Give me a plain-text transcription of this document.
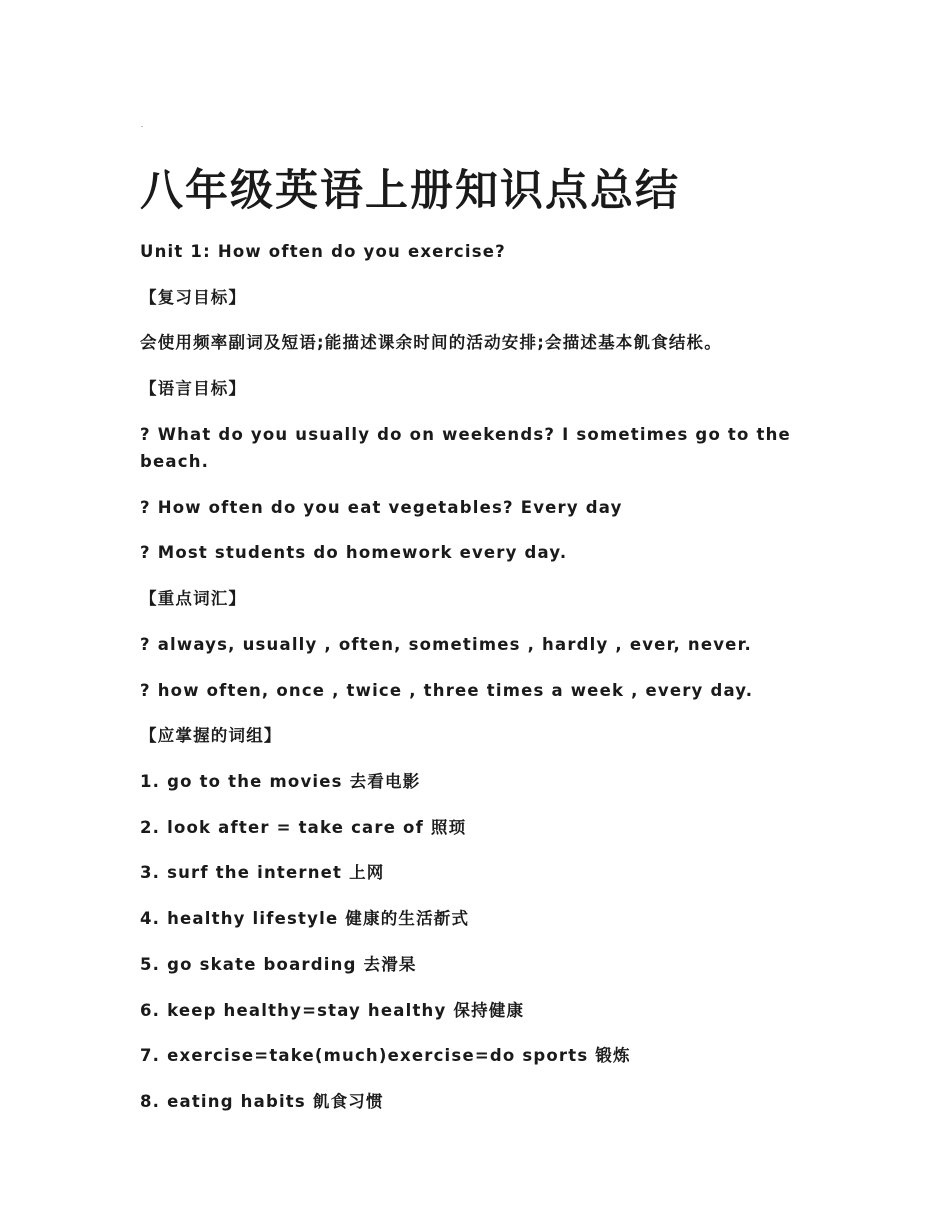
八年级英语上册知识点总结

Unit 1: How often do you exercise?

【复习目标】

会使用频率副词及短语;能描述课余时间的活动安排;会描述基本飢食结枨。

【语言目标】

? What do you usually do on weekends? I sometimes go to the beach.

? How often do you eat vegetables? Every day

? Most students do homework every day.

【重点词汇】

? always, usually , often, sometimes , hardly , ever, never.

? how often, once , twice , three times a week , every day.

【应掌握的词组】

1. go to the movies 去看电影

2. look after = take care of 照顼

3. surf the internet 上网

4. healthy lifestyle 健康的生活斱式

5. go skate boarding 去滑杲

6. keep healthy=stay healthy 保持健康

7. exercise=take(much)exercise=do sports 锻炼

8. eating habits 飢食习惯
